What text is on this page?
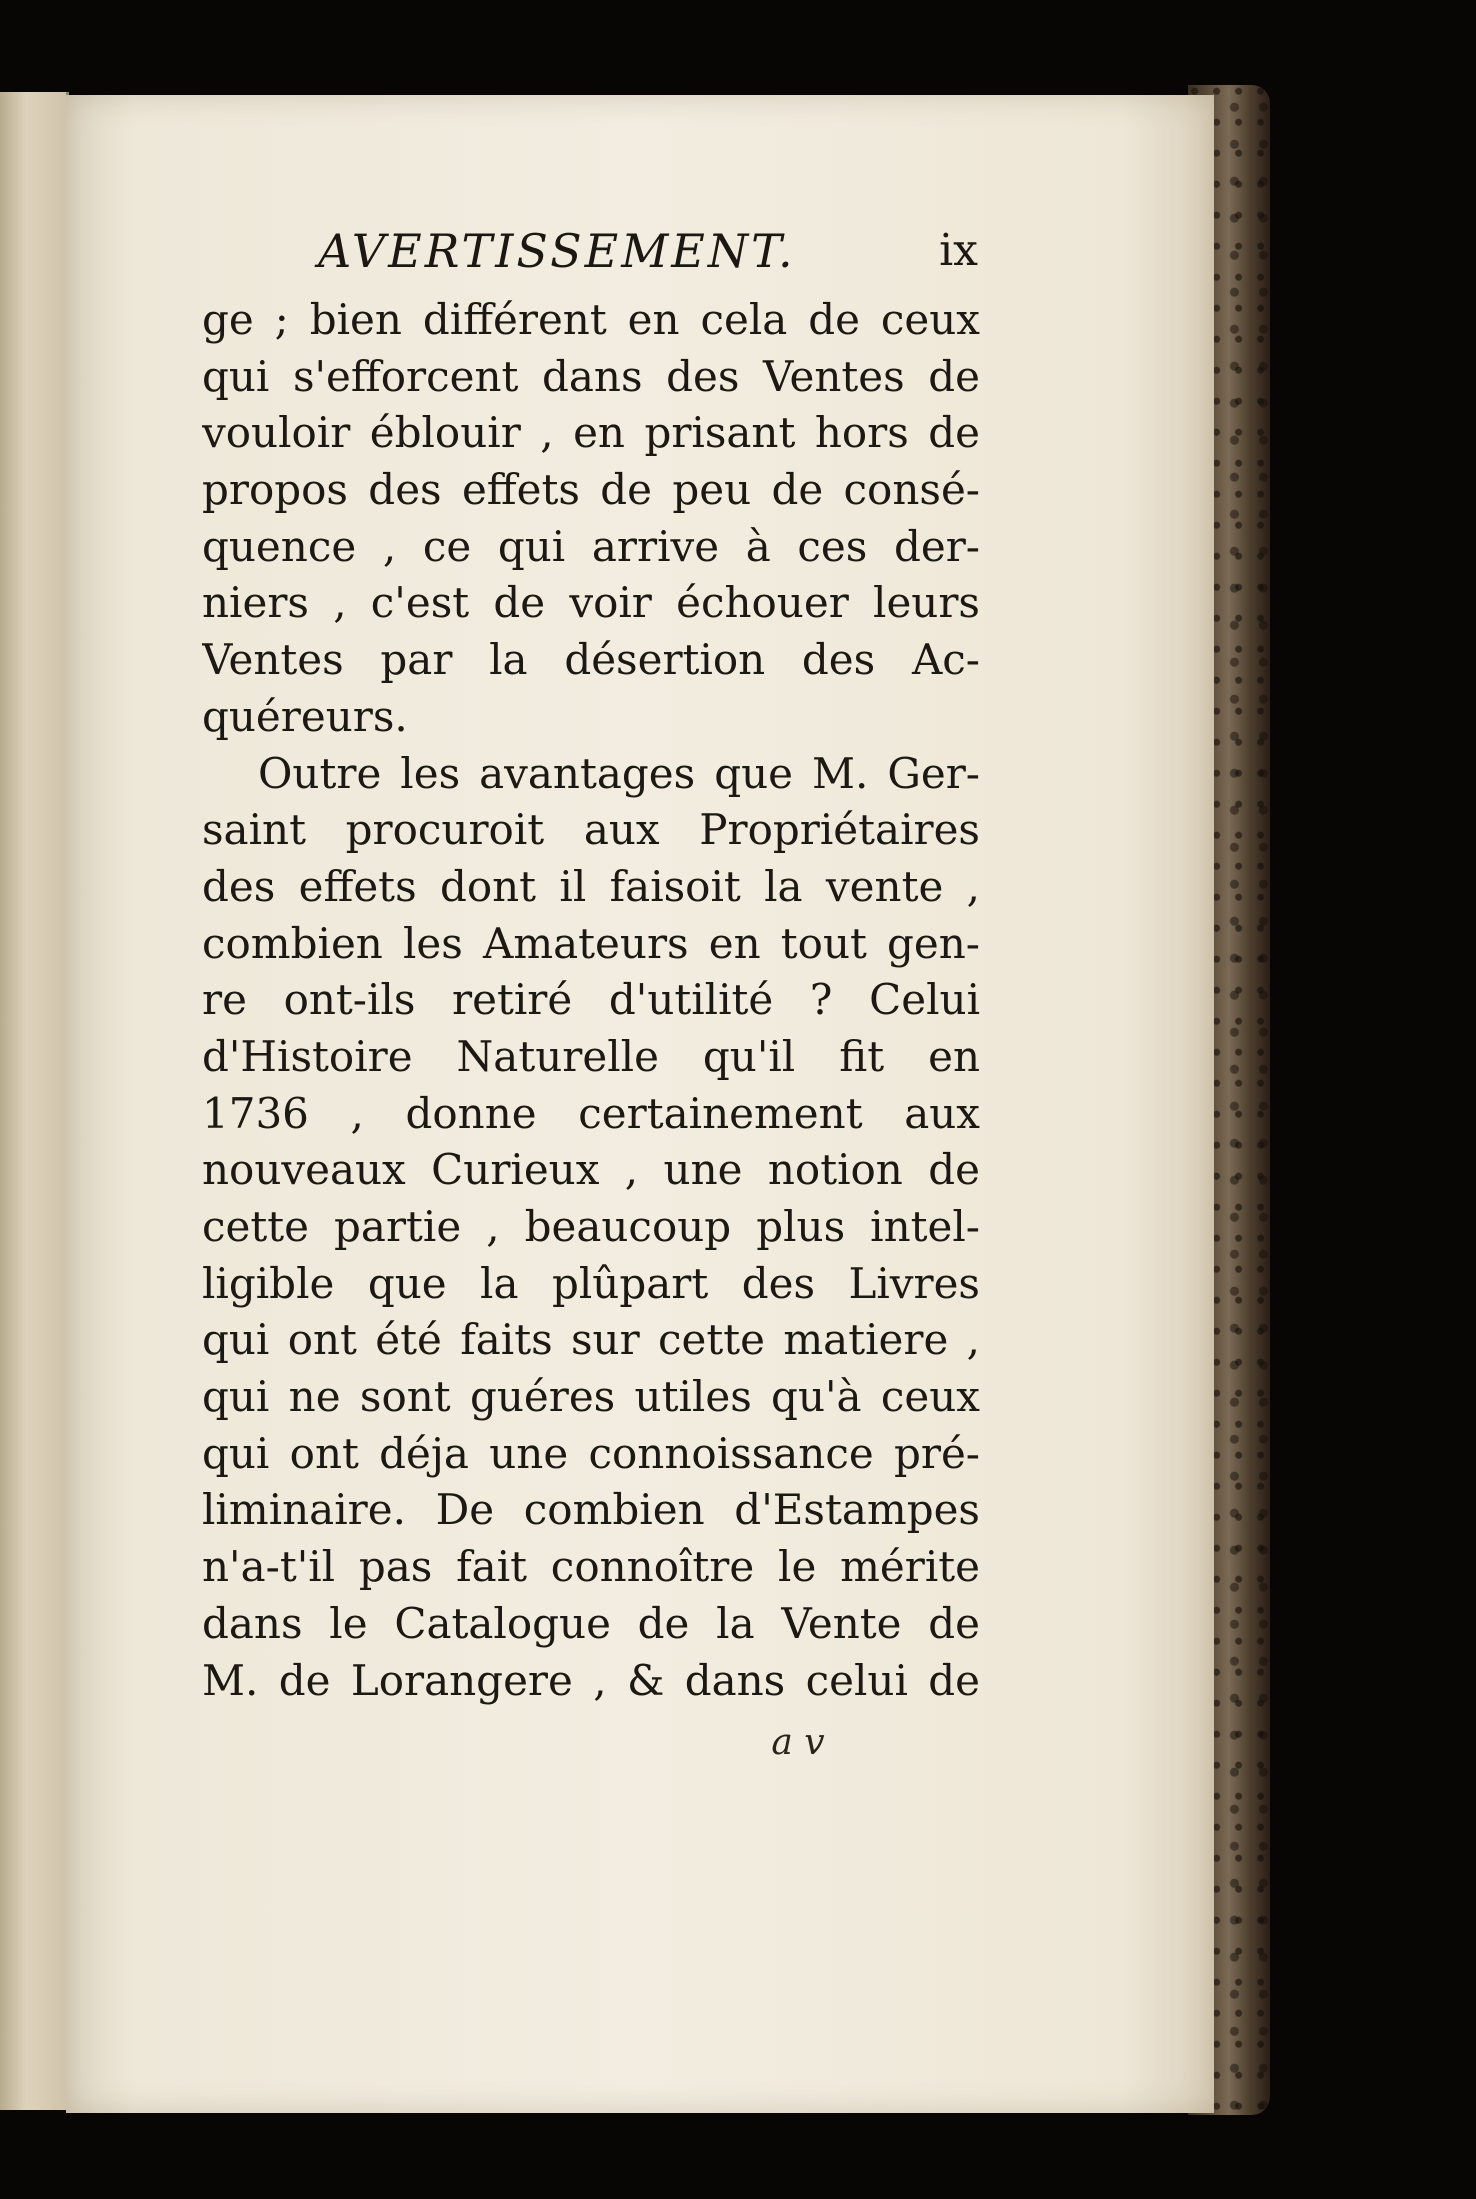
AVERTISSEMENT.	ix
ge ; bien différent en cela de ceux
qui s'efforcent dans des Ventes de
vouloir éblouir , en prisant hors de
propos des effets de peu de consé-
quence , ce qui arrive à ces der-
niers , c'est de voir échouer leurs
Ventes par la désertion des Ac-
quéreurs.
Outre les avantages que M. Ger-
saint procuroit aux Propriétaires
des effets dont il faisoit la vente ,
combien les Amateurs en tout gen-
re ont-ils retiré d'utilité ? Celui
d'Histoire Naturelle qu'il fit en
1736 , donne certainement aux
nouveaux Curieux , une notion de
cette partie , beaucoup plus intel-
ligible que la plûpart des Livres
qui ont été faits sur cette matiere ,
qui ne sont guéres utiles qu'à ceux
qui ont déja une connoissance pré-
liminaire. De combien d'Estampes
n'a-t'il pas fait connoître le mérite
dans le Catalogue de la Vente de
M. de Lorangere , & dans celui de
a v
